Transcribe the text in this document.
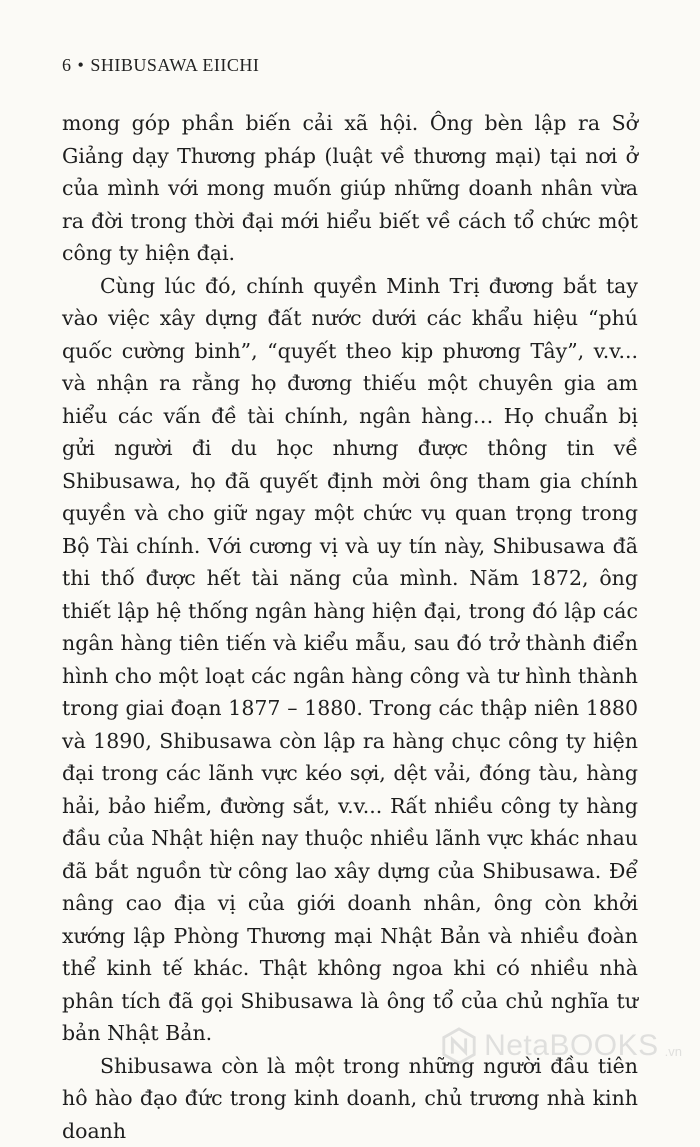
6 • SHIBUSAWA EIICHI

mong góp phần biến cải xã hội. Ông bèn lập ra Sở Giảng dạy Thương pháp (luật về thương mại) tại nơi ở của mình với mong muốn giúp những doanh nhân vừa ra đời trong thời đại mới hiểu biết về cách tổ chức một công ty hiện đại.

Cùng lúc đó, chính quyền Minh Trị đương bắt tay vào việc xây dựng đất nước dưới các khẩu hiệu “phú quốc cường binh”, “quyết theo kịp phương Tây”, v.v... và nhận ra rằng họ đương thiếu một chuyên gia am hiểu các vấn đề tài chính, ngân hàng… Họ chuẩn bị gửi người đi du học nhưng được thông tin về Shibusawa, họ đã quyết định mời ông tham gia chính quyền và cho giữ ngay một chức vụ quan trọng trong Bộ Tài chính. Với cương vị và uy tín này, Shibusawa đã thi thố được hết tài năng của mình. Năm 1872, ông thiết lập hệ thống ngân hàng hiện đại, trong đó lập các ngân hàng tiên tiến và kiểu mẫu, sau đó trở thành điển hình cho một loạt các ngân hàng công và tư hình thành trong giai đoạn 1877 – 1880. Trong các thập niên 1880 và 1890, Shibusawa còn lập ra hàng chục công ty hiện đại trong các lãnh vực kéo sợi, dệt vải, đóng tàu, hàng hải, bảo hiểm, đường sắt, v.v... Rất nhiều công ty hàng đầu của Nhật hiện nay thuộc nhiều lãnh vực khác nhau đã bắt nguồn từ công lao xây dựng của Shibusawa. Để nâng cao địa vị của giới doanh nhân, ông còn khởi xướng lập Phòng Thương mại Nhật Bản và nhiều đoàn thể kinh tế khác. Thật không ngoa khi có nhiều nhà phân tích đã gọi Shibusawa là ông tổ của chủ nghĩa tư bản Nhật Bản.

Shibusawa còn là một trong những người đầu tiên hô hào đạo đức trong kinh doanh, chủ trương nhà kinh doanh

NetaBOOKS .vn
